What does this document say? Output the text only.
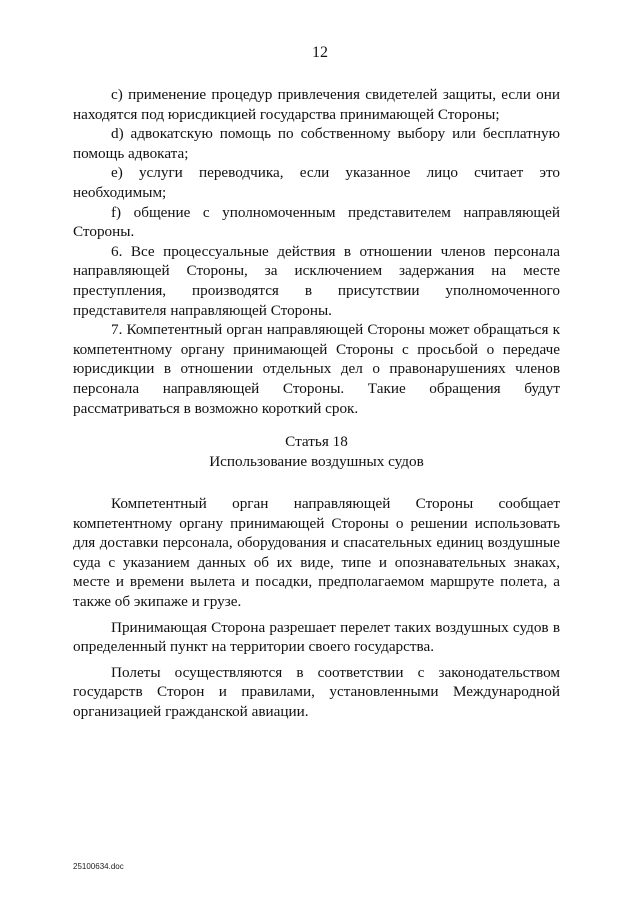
12

c) применение процедур привлечения свидетелей защиты, если они находятся под юрисдикцией государства принимающей Стороны;

d) адвокатскую помощь по собственному выбору или бесплатную помощь адвоката;

e) услуги переводчика, если указанное лицо считает это необходимым;

f) общение с уполномоченным представителем направляющей Стороны.

6. Все процессуальные действия в отношении членов персонала направляющей Стороны, за исключением задержания на месте преступления, производятся в присутствии уполномоченного представителя направляющей Стороны.

7. Компетентный орган направляющей Стороны может обращаться к компетентному органу принимающей Стороны с просьбой о передаче юрисдикции в отношении отдельных дел о правонарушениях членов персонала направляющей Стороны. Такие обращения будут рассматриваться в возможно короткий срок.

Статья 18

Использование воздушных судов

Компетентный орган направляющей Стороны сообщает компетентному органу принимающей Стороны о решении использовать для доставки персонала, оборудования и спасательных единиц воздушные суда с указанием данных об их виде, типе и опознавательных знаках, месте и времени вылета и посадки, предполагаемом маршруте полета, а также об экипаже и грузе.

Принимающая Сторона разрешает перелет таких воздушных судов в определенный пункт на территории своего государства.

Полеты осуществляются в соответствии с законодательством государств Сторон и правилами, установленными Международной организацией гражданской авиации.

25100634.doc
